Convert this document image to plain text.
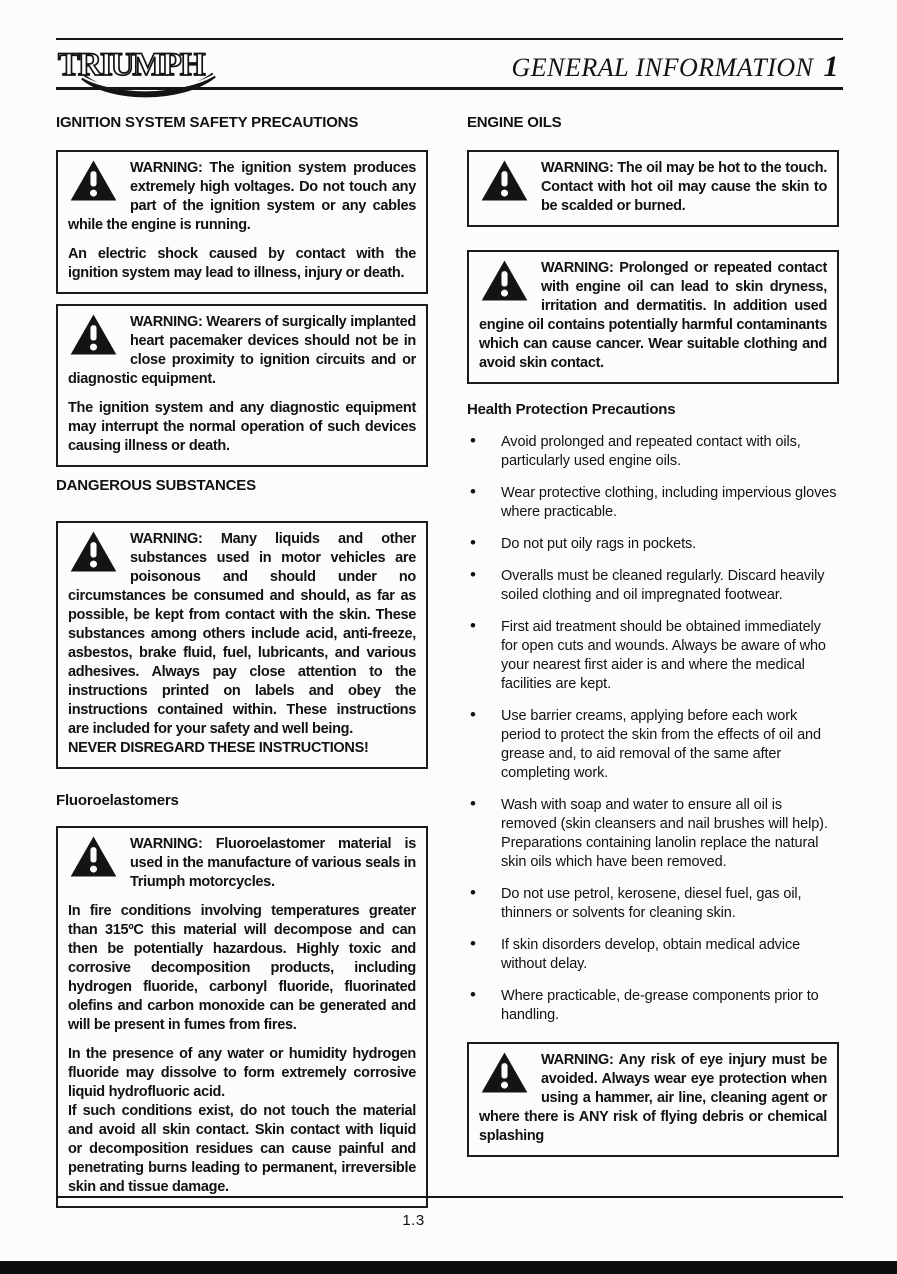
TRIUMPH	GENERAL INFORMATION 1
IGNITION SYSTEM SAFETY PRECAUTIONS

WARNING: The ignition system produces extremely high voltages. Do not touch any part of the ignition system or any cables while the engine is running.

An electric shock caused by contact with the ignition system may lead to illness, injury or death.

WARNING: Wearers of surgically implanted heart pacemaker devices should not be in close proximity to ignition circuits and or diagnostic equipment.

The ignition system and any diagnostic equipment may interrupt the normal operation of such devices causing illness or death.

DANGEROUS SUBSTANCES

WARNING: Many liquids and other substances used in motor vehicles are poisonous and should under no circumstances be consumed and should, as far as possible, be kept from contact with the skin. These substances among others include acid, anti-freeze, asbestos, brake fluid, fuel, lubricants, and various adhesives. Always pay close attention to the instructions printed on labels and obey the instructions contained within. These instructions are included for your safety and well being.

NEVER DISREGARD THESE INSTRUCTIONS!

Fluoroelastomers

WARNING: Fluoroelastomer material is used in the manufacture of various seals in Triumph motorcycles.

In fire conditions involving temperatures greater than 315ºC this material will decompose and can then be potentially hazardous. Highly toxic and corrosive decomposition products, including hydrogen fluoride, carbonyl fluoride, fluorinated olefins and carbon monoxide can be generated and will be present in fumes from fires.

In the presence of any water or humidity hydrogen fluoride may dissolve to form extremely corrosive liquid hydrofluoric acid.

If such conditions exist, do not touch the material and avoid all skin contact. Skin contact with liquid or decomposition residues can cause painful and penetrating burns leading to permanent, irreversible skin and tissue damage.

ENGINE OILS

WARNING: The oil may be hot to the touch. Contact with hot oil may cause the skin to be scalded or burned.

WARNING: Prolonged or repeated contact with engine oil can lead to skin dryness, irritation and dermatitis. In addition used engine oil contains potentially harmful contaminants which can cause cancer. Wear suitable clothing and avoid skin contact.

Health Protection Precautions
• Avoid prolonged and repeated contact with oils, particularly used engine oils.
• Wear protective clothing, including impervious gloves where practicable.
• Do not put oily rags in pockets.
• Overalls must be cleaned regularly. Discard heavily soiled clothing and oil impregnated footwear.
• First aid treatment should be obtained immediately for open cuts and wounds. Always be aware of who your nearest first aider is and where the medical facilities are kept.
• Use barrier creams, applying before each work period to protect the skin from the effects of oil and grease and, to aid removal of the same after completing work.
• Wash with soap and water to ensure all oil is removed (skin cleansers and nail brushes will help). Preparations containing lanolin replace the natural skin oils which have been removed.
• Do not use petrol, kerosene, diesel fuel, gas oil, thinners or solvents for cleaning skin.
• If skin disorders develop, obtain medical advice without delay.
• Where practicable, de-grease components prior to handling.

WARNING: Any risk of eye injury must be avoided. Always wear eye protection when using a hammer, air line, cleaning agent or where there is ANY risk of flying debris or chemical splashing

1.3
